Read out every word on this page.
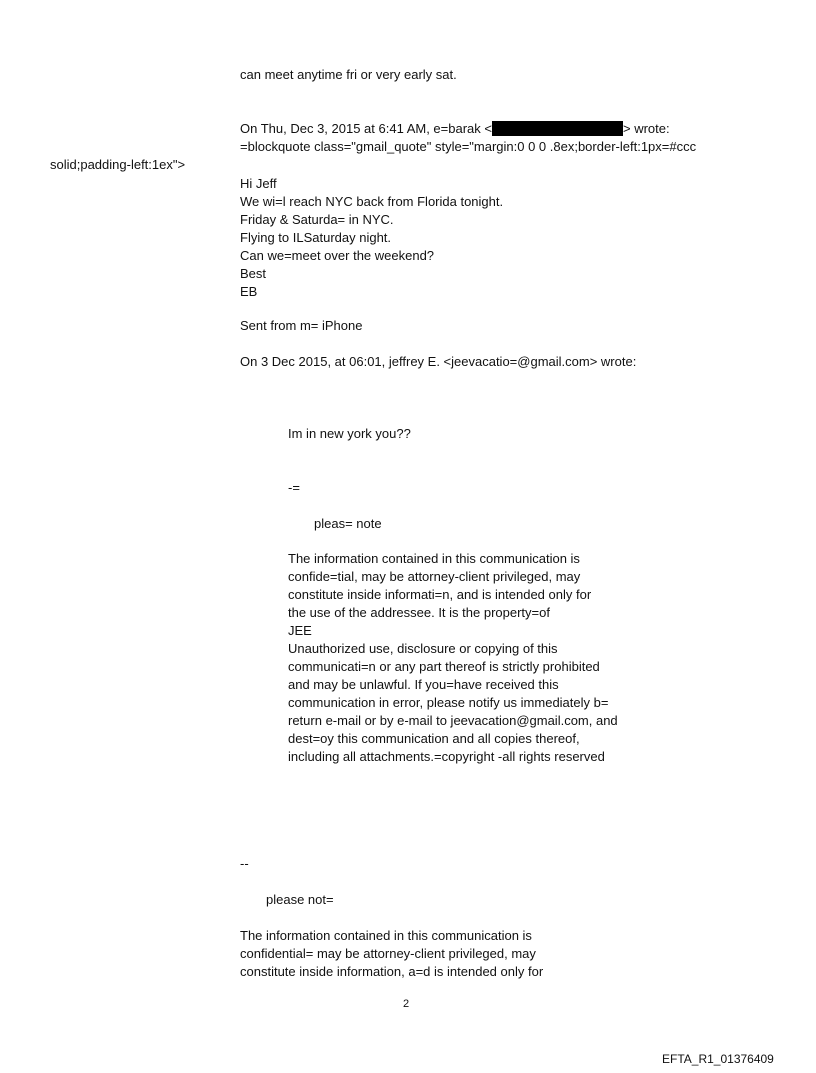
can meet anytime fri or very early sat.
On Thu, Dec 3, 2015 at 6:41 AM, e=barak <	> wrote:
=blockquote class="gmail_quote" style="margin:0 0 0 .8ex;border-left:1px=#ccc
solid;padding-left:1ex">
Hi Jeff
We wi=l reach NYC back from Florida tonight.
Friday & Saturda= in NYC.
Flying to ILSaturday night.
Can we=meet over the weekend?
Best
EB
Sent from m= iPhone
On 3 Dec 2015, at 06:01, jeffrey E. <jeevacatio=@gmail.com> wrote:
Im in new york you??
-=
pleas= note
The information contained in this communication is
confide=tial, may be attorney-client privileged, may
constitute inside informati=n, and is intended only for
the use of the addressee. It is the property=of
JEE
Unauthorized use, disclosure or copying of this
communicati=n or any part thereof is strictly prohibited
and may be unlawful. If you=have received this
communication in error, please notify us immediately b=
return e-mail or by e-mail to jeevacation@gmail.com, and
dest=oy this communication and all copies thereof,
including all attachments.=copyright -all rights reserved
--
please not=
The information contained in this communication is
confidential= may be attorney-client privileged, may
constitute inside information, a=d is intended only for
2
EFTA_R1_01376409
